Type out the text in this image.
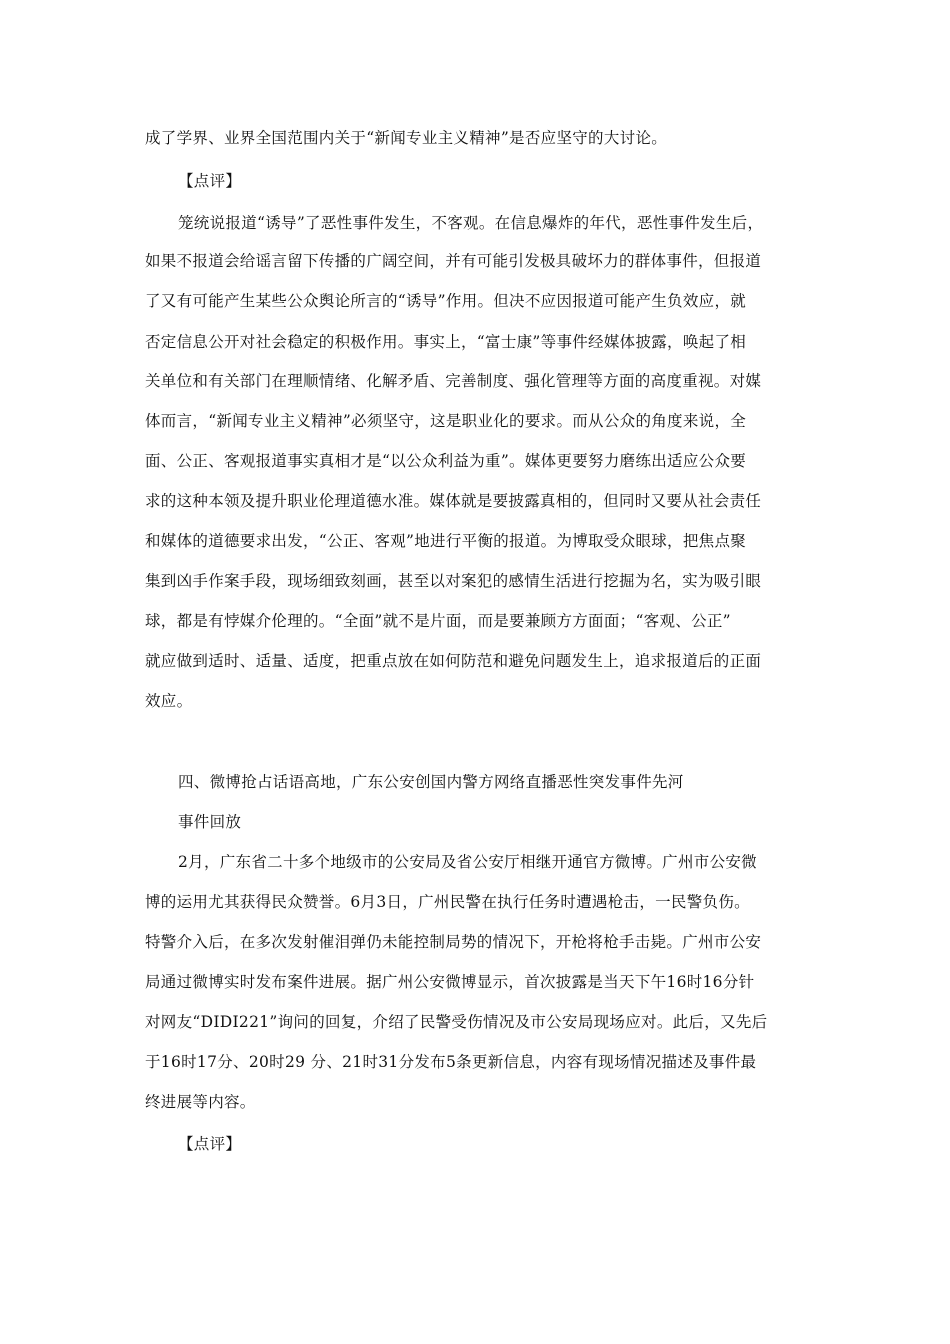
成了学界、业界全国范围内关于“新闻专业主义精神”是否应坚守的大讨论。
【点评】
笼统说报道“诱导”了恶性事件发生，不客观。在信息爆炸的年代，恶性事件发生后，
如果不报道会给谣言留下传播的广阔空间，并有可能引发极具破坏力的群体事件，但报道
了又有可能产生某些公众舆论所言的“诱导”作用。但决不应因报道可能产生负效应，就
否定信息公开对社会稳定的积极作用。事实上，“富士康”等事件经媒体披露，唤起了相
关单位和有关部门在理顺情绪、化解矛盾、完善制度、强化管理等方面的高度重视。对媒
体而言，“新闻专业主义精神”必须坚守，这是职业化的要求。而从公众的角度来说，全
面、公正、客观报道事实真相才是“以公众利益为重”。媒体更要努力磨练出适应公众要
求的这种本领及提升职业伦理道德水准。媒体就是要披露真相的，但同时又要从社会责任
和媒体的道德要求出发，“公正、客观”地进行平衡的报道。为博取受众眼球，把焦点聚
集到凶手作案手段，现场细致刻画，甚至以对案犯的感情生活进行挖掘为名，实为吸引眼
球，都是有悖媒介伦理的。“全面”就不是片面，而是要兼顾方方面面；“客观、公正”
就应做到适时、适量、适度，把重点放在如何防范和避免问题发生上，追求报道后的正面
效应。
四、微博抢占话语高地，广东公安创国内警方网络直播恶性突发事件先河
事件回放
2月，广东省二十多个地级市的公安局及省公安厅相继开通官方微博。广州市公安微
博的运用尤其获得民众赞誉。6月3日，广州民警在执行任务时遭遇枪击，一民警负伤。
特警介入后，在多次发射催泪弹仍未能控制局势的情况下，开枪将枪手击毙。广州市公安
局通过微博实时发布案件进展。据广州公安微博显示，首次披露是当天下午16时16分针
对网友“DIDI221”询问的回复，介绍了民警受伤情况及市公安局现场应对。此后，又先后
于16时17分、20时29 分、21时31分发布5条更新信息，内容有现场情况描述及事件最
终进展等内容。
【点评】
